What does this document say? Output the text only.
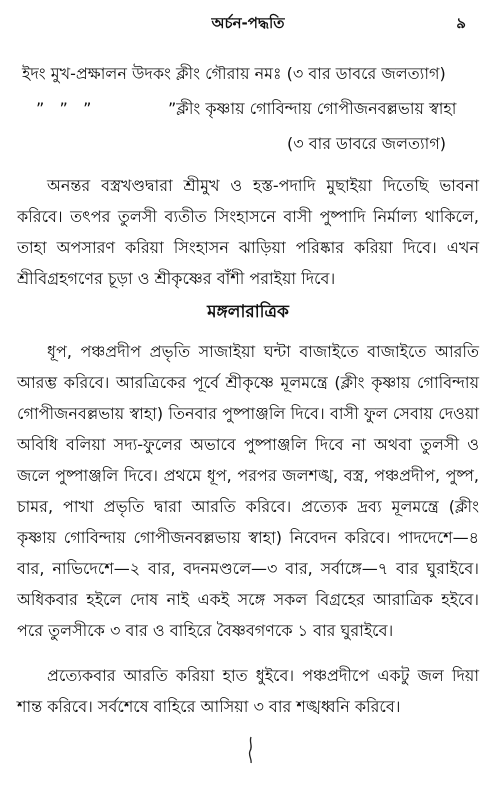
অর্চন-পদ্ধতি	৯
ইদং মুখ-প্রক্ষালন উদকং ক্লীং গৌরায় নমঃ (৩ বার ডাবরে জলত্যাগ)
”   ”   ”	”ক্লীং কৃষ্ণায় গোবিন্দায় গোপীজনবল্লভায় স্বাহা
(৩ বার ডাবরে জলত্যাগ)
অনন্তর বস্ত্রখণ্ডদ্বারা শ্রীমুখ ও হস্ত-পদাদি মুছাইয়া দিতেছি ভাবনা করিবে। তৎপর তুলসী ব্যতীত সিংহাসনে বাসী পুষ্পাদি নির্মাল্য থাকিলে, তাহা অপসারণ করিয়া সিংহাসন ঝাড়িয়া পরিষ্কার করিয়া দিবে। এখন শ্রীবিগ্রহগণের চূড়া ও শ্রীকৃষ্ণের বাঁশী পরাইয়া দিবে।
মঙ্গলারাত্রিক
ধূপ, পঞ্চপ্রদীপ প্রভৃতি সাজাইয়া ঘন্টা বাজাইতে বাজাইতে আরতি আরম্ভ করিবে। আরত্রিকের পূর্বে শ্রীকৃষ্ণে মূলমন্ত্রে (ক্লীং কৃষ্ণায় গোবিন্দায় গোপীজনবল্লভায় স্বাহা) তিনবার পুষ্পাঞ্জলি দিবে। বাসী ফুল সেবায় দেওয়া অবিধি বলিয়া সদ্য-ফুলের অভাবে পুষ্পাঞ্জলি দিবে না অথবা তুলসী ও জলে পুষ্পাঞ্জলি দিবে। প্রথমে ধূপ, পরপর জলশঙ্খ, বস্ত্র, পঞ্চপ্রদীপ, পুষ্প, চামর, পাখা প্রভৃতি দ্বারা আরতি করিবে। প্রত্যেক দ্রব্য মূলমন্ত্রে (ক্লীং কৃষ্ণায় গোবিন্দায় গোপীজনবল্লভায় স্বাহা) নিবেদন করিবে। পাদদেশে—৪ বার, নাভিদেশে—২ বার, বদনমণ্ডলে—৩ বার, সর্বাঙ্গে—৭ বার ঘুরাইবে। অধিকবার হইলে দোষ নাই একই সঙ্গে সকল বিগ্রহের আরাত্রিক হইবে। পরে তুলসীকে ৩ বার ও বাহিরে বৈষ্ণবগণকে ১ বার ঘুরাইবে।
প্রত্যেকবার আরতি করিয়া হাত ধুইবে। পঞ্চপ্রদীপে একটু জল দিয়া শান্ত করিবে। সর্বশেষে বাহিরে আসিয়া ৩ বার শঙ্খধ্বনি করিবে।
